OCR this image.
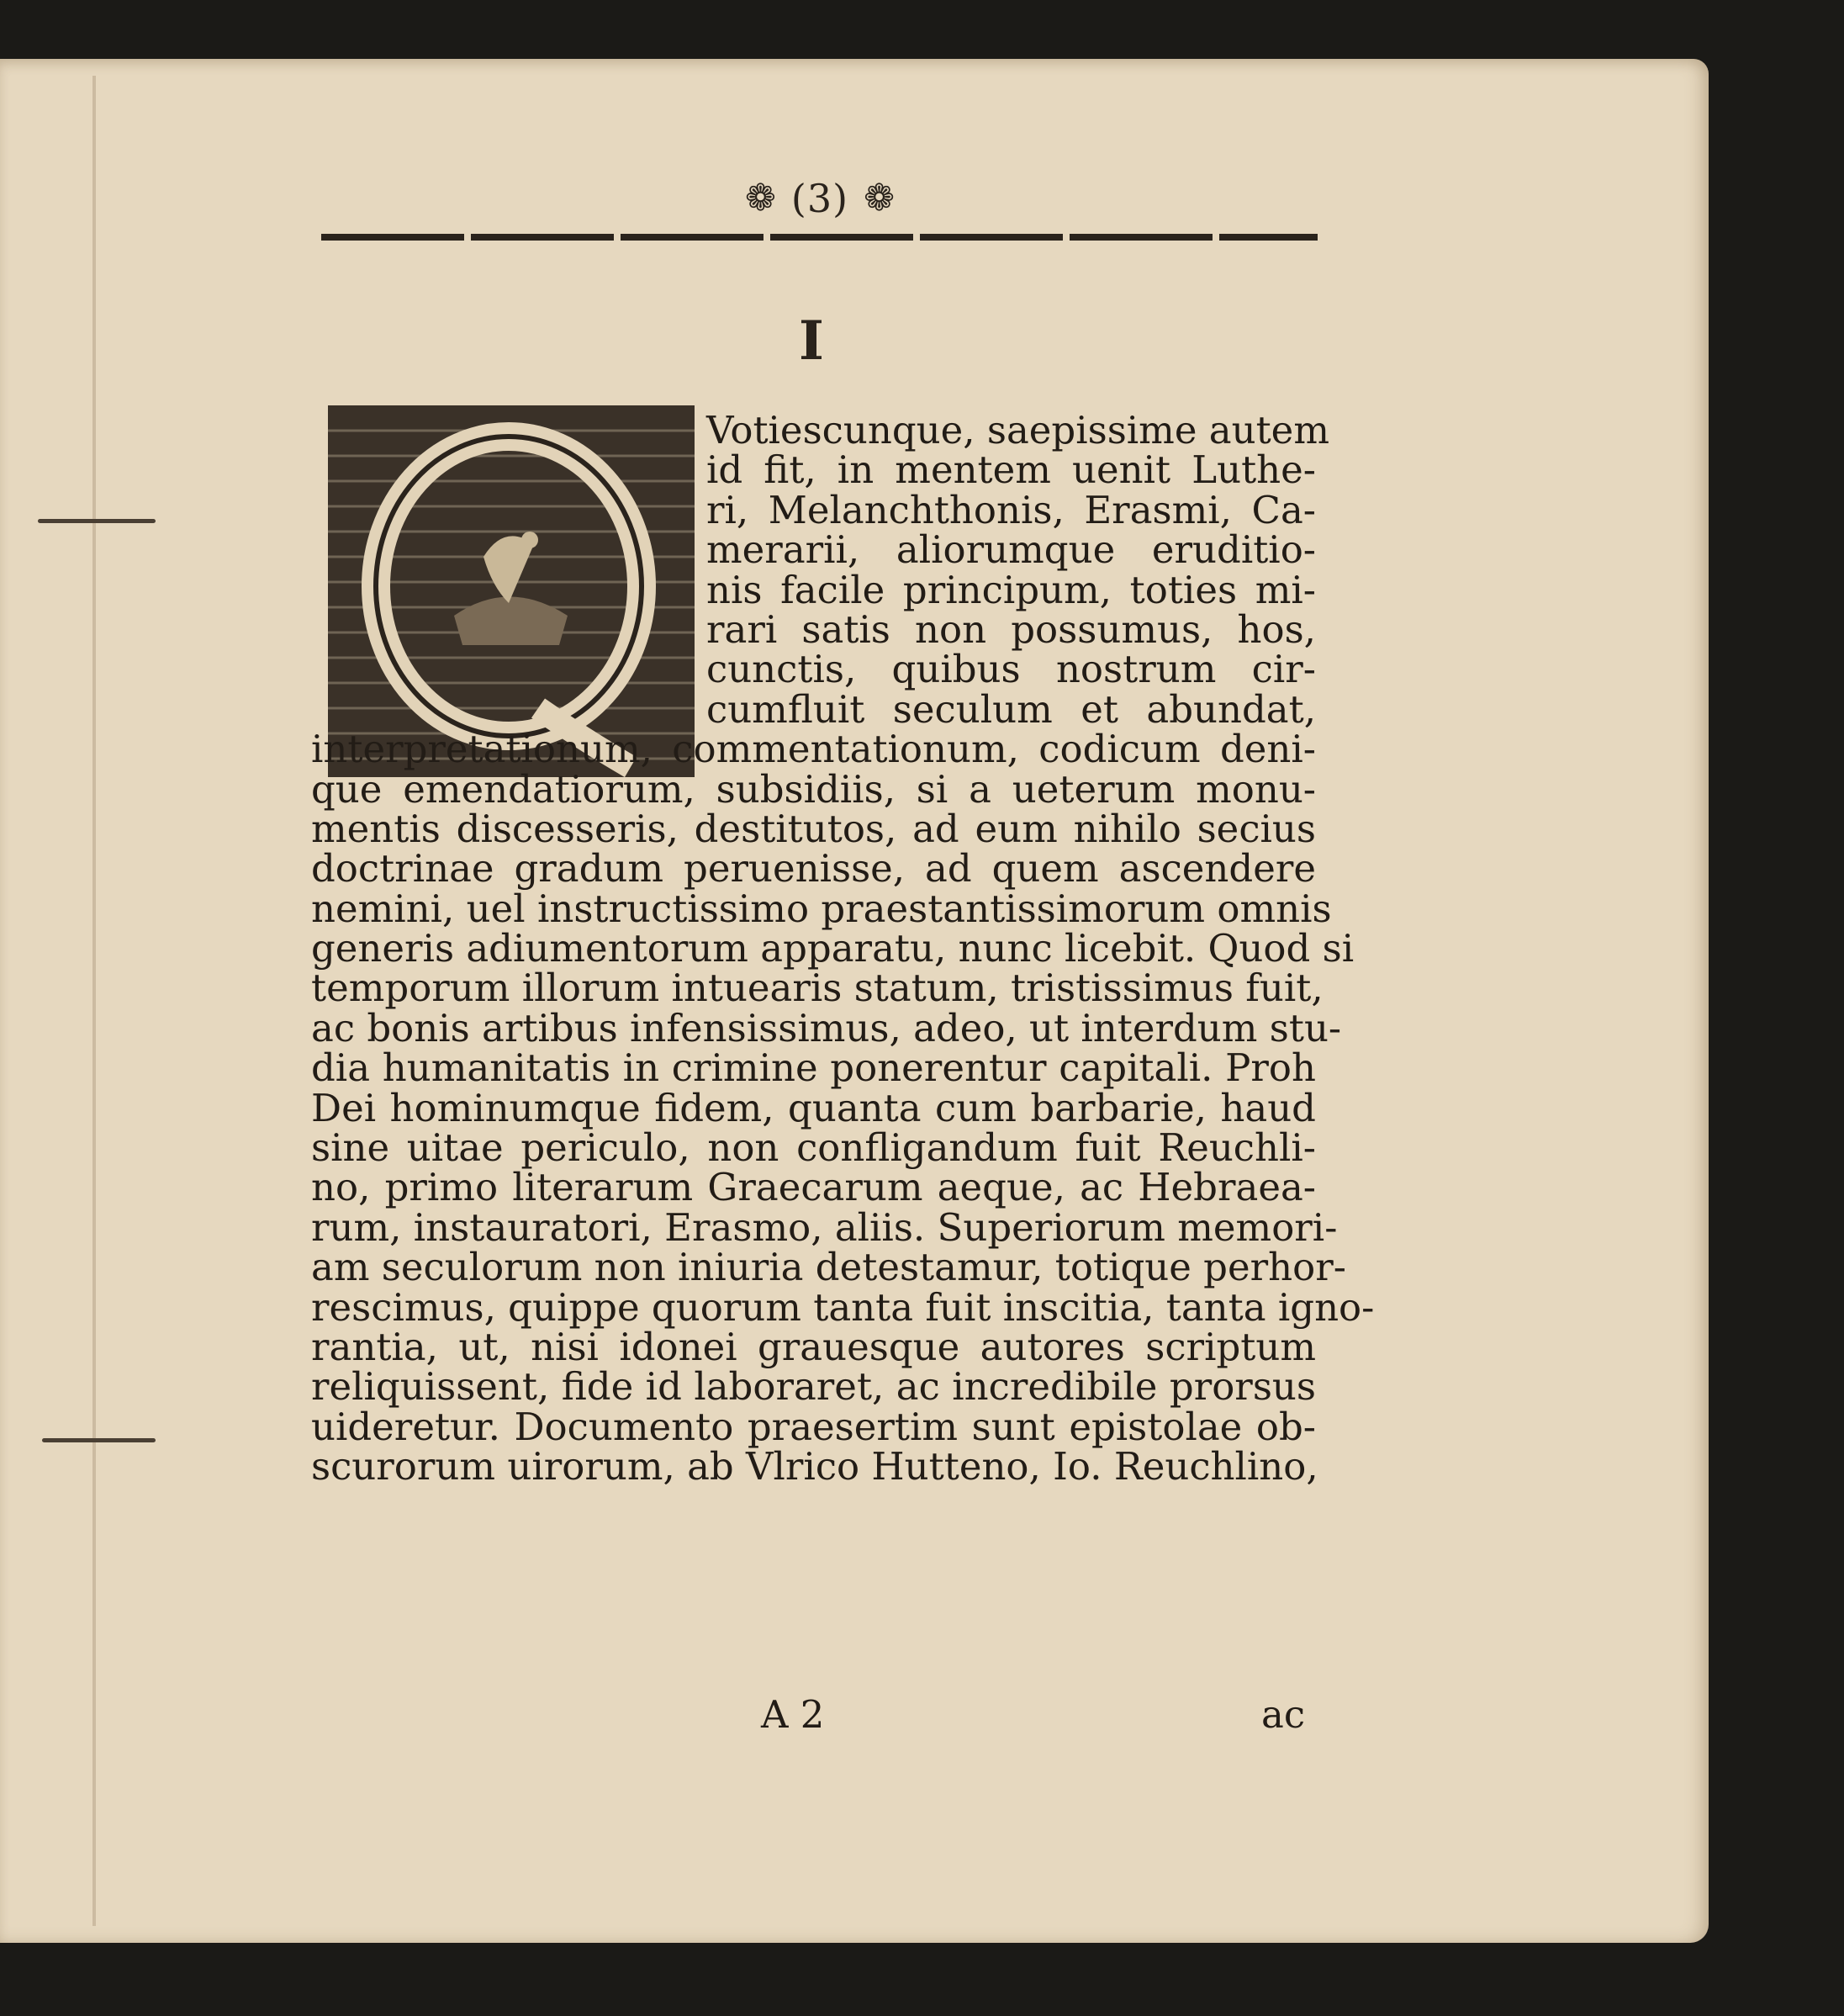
❁ (3) ❁
I
Votiescunque, saepissime autem
id fit, in mentem uenit Luthe-
ri, Melanchthonis, Erasmi, Ca-
merarii, aliorumque eruditio-
nis facile principum, toties mi-
rari satis non possumus, hos,
cunctis, quibus nostrum cir-
cumfluit seculum et abundat,
interpretationum, commentationum, codicum deni-
que emendatiorum, subsidiis, si a ueterum monu-
mentis discesseris, destitutos, ad eum nihilo secius
doctrinae gradum peruenisse, ad quem ascendere
nemini, uel instructissimo praestantissimorum omnis
generis adiumentorum apparatu, nunc licebit. Quod si
temporum illorum intuearis statum, tristissimus fuit,
ac bonis artibus infensissimus, adeo, ut interdum stu-
dia humanitatis in crimine ponerentur capitali. Proh
Dei hominumque fidem, quanta cum barbarie, haud
sine uitae periculo, non confligandum fuit Reuchli-
no, primo literarum Graecarum aeque, ac Hebraea-
rum, instauratori, Erasmo, aliis. Superiorum memori-
am seculorum non iniuria detestamur, totique perhor-
rescimus, quippe quorum tanta fuit inscitia, tanta igno-
rantia, ut, nisi idonei grauesque autores scriptum
reliquissent, fide id laboraret, ac incredibile prorsus
uideretur. Documento praesertim sunt epistolae ob-
scurorum uirorum, ab Vlrico Hutteno, Io. Reuchlino,
A 2	ac
